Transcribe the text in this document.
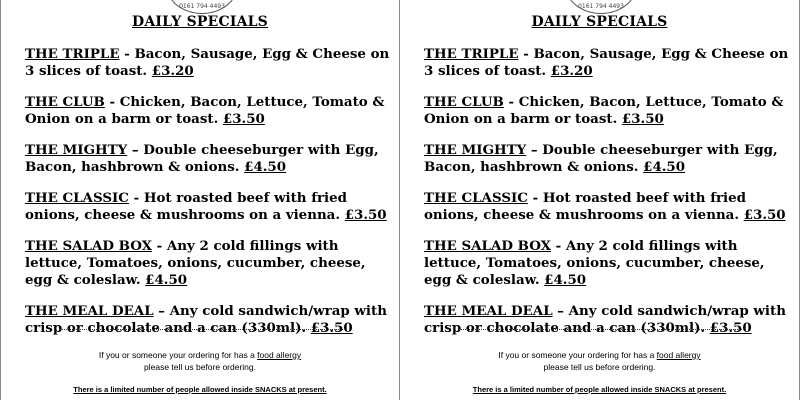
0161 794 4493
DAILY SPECIALS
THE TRIPLE - Bacon, Sausage, Egg & Cheese on 3 slices of toast. £3.20
THE CLUB - Chicken, Bacon, Lettuce, Tomato & Onion on a barm or toast. £3.50
THE MIGHTY – Double cheeseburger with Egg, Bacon, hashbrown & onions. £4.50
THE CLASSIC - Hot roasted beef with fried onions, cheese & mushrooms on a vienna. £3.50
THE SALAD BOX - Any 2 cold fillings with lettuce, Tomatoes, onions, cucumber, cheese, egg & coleslaw. £4.50
THE MEAL DEAL – Any cold sandwich/wrap with crisp or chocolate and a can (330ml). £3.50
If you or someone your ordering for has a food allergy
please tell us before ordering.
There is a limited number of people allowed inside SNACKS at present.
0161 794 4493
DAILY SPECIALS
THE TRIPLE - Bacon, Sausage, Egg & Cheese on 3 slices of toast. £3.20
THE CLUB - Chicken, Bacon, Lettuce, Tomato & Onion on a barm or toast. £3.50
THE MIGHTY – Double cheeseburger with Egg, Bacon, hashbrown & onions. £4.50
THE CLASSIC - Hot roasted beef with fried onions, cheese & mushrooms on a vienna. £3.50
THE SALAD BOX - Any 2 cold fillings with lettuce, Tomatoes, onions, cucumber, cheese, egg & coleslaw. £4.50
THE MEAL DEAL – Any cold sandwich/wrap with crisp or chocolate and a can (330ml). £3.50
If you or someone your ordering for has a food allergy
please tell us before ordering.
There is a limited number of people allowed inside SNACKS at present.
